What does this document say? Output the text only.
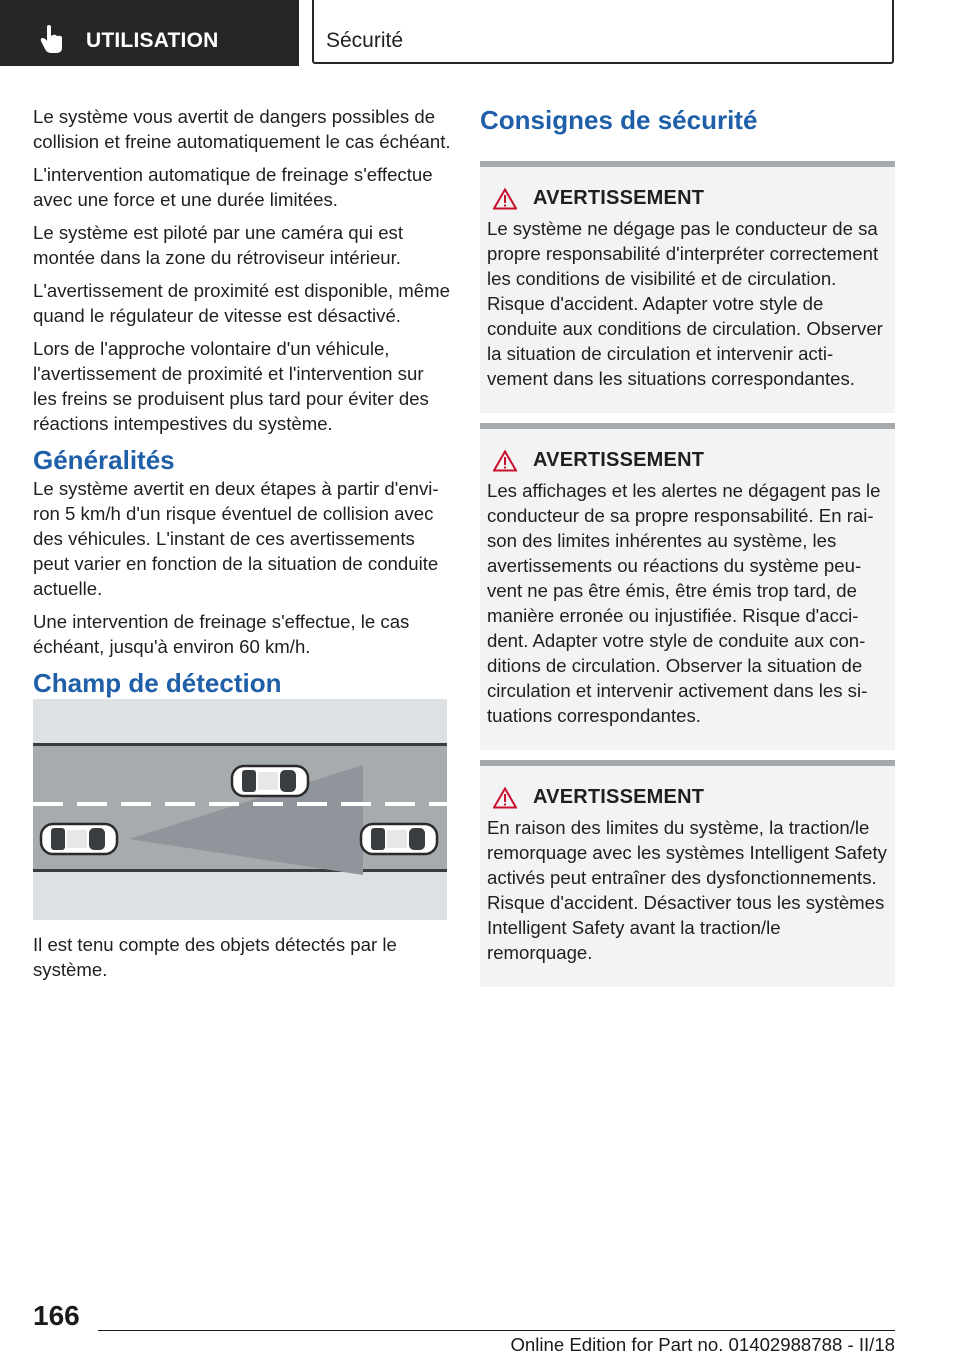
UTILISATION	Sécurité

Le système vous avertit de dangers possibles de collision et freine automatiquement le cas échéant.

L'intervention automatique de freinage s'effectue avec une force et une durée limitées.

Le système est piloté par une caméra qui est montée dans la zone du rétroviseur intérieur.

L'avertissement de proximité est disponible, même quand le régulateur de vitesse est désactivé.

Lors de l'approche volontaire d'un véhicule, l'avertissement de proximité et l'intervention sur les freins se produisent plus tard pour éviter des réactions intempestives du système.

Généralités

Le système avertit en deux étapes à partir d'environ 5 km/h d'un risque éventuel de collision avec des véhicules. L'instant de ces avertissements peut varier en fonction de la situation de conduite actuelle.

Une intervention de freinage s'effectue, le cas échéant, jusqu'à environ 60 km/h.

Champ de détection

Il est tenu compte des objets détectés par le système.

Consignes de sécurité
AVERTISSEMENT

Le système ne dégage pas le conducteur de sa propre responsabilité d'interpréter correctement les conditions de visibilité et de circulation. Risque d'accident. Adapter votre style de conduite aux conditions de circulation. Observer la situation de circulation et intervenir activement dans les situations correspondantes.

AVERTISSEMENT

Les affichages et les alertes ne dégagent pas le conducteur de sa propre responsabilité. En raison des limites inhérentes au système, les avertissements ou réactions du système peuvent ne pas être émis, être émis trop tard, de manière erronée ou injustifiée. Risque d'accident. Adapter votre style de conduite aux conditions de circulation. Observer la situation de circulation et intervenir activement dans les situations correspondantes.

AVERTISSEMENT

En raison des limites du système, la traction/le remorquage avec les systèmes Intelligent Safety activés peut entraîner des dysfonctionnements. Risque d'accident. Désactiver tous les systèmes Intelligent Safety avant la traction/le remorquage.

166
Online Edition for Part no. 01402988788 - II/18
